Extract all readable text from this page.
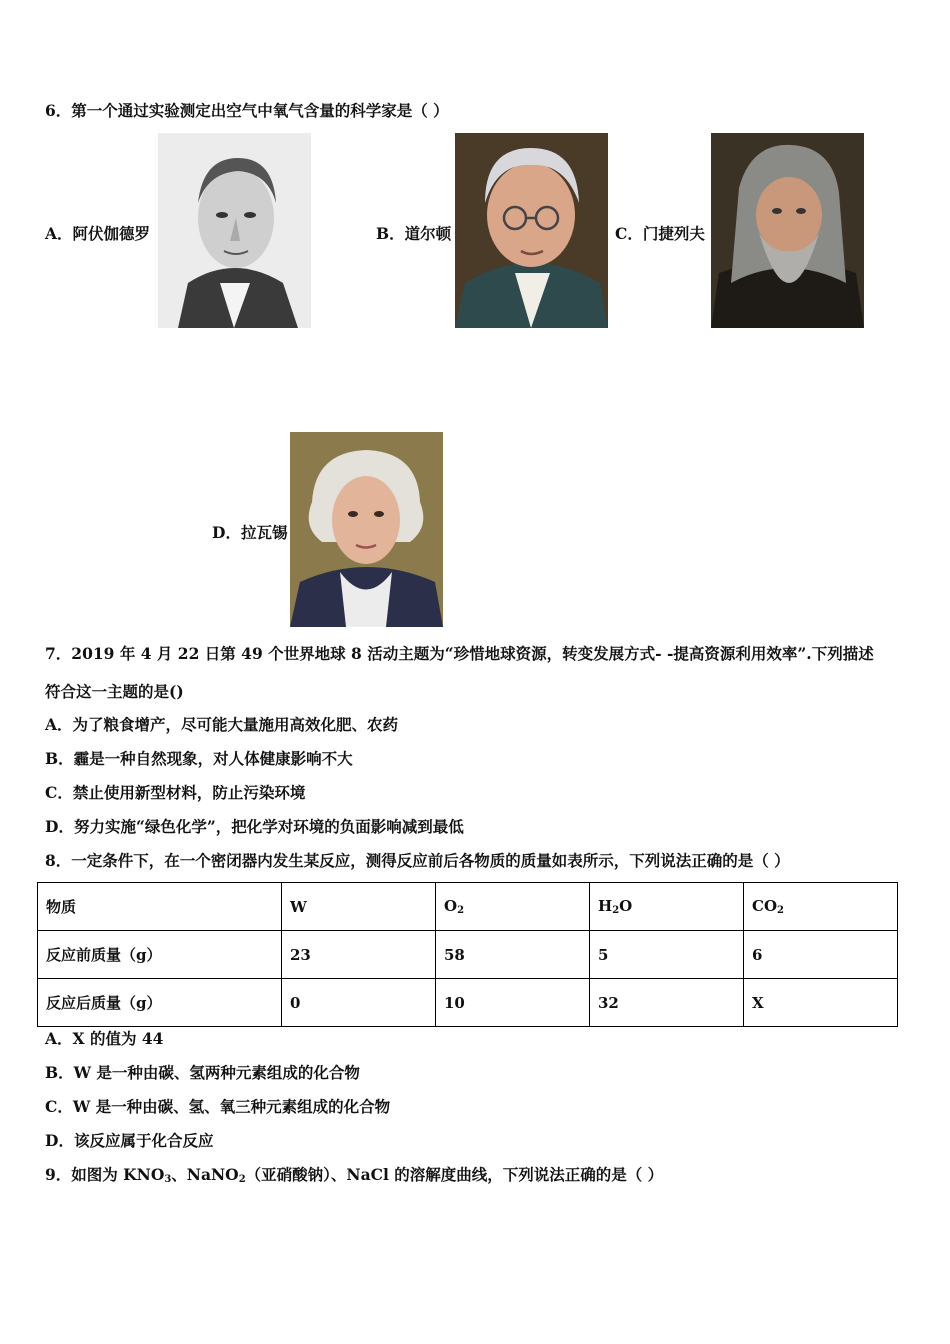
6．第一个通过实验测定出空气中氧气含量的科学家是（ ）
A．阿伏伽德罗	B．道尔顿	C．门捷列夫
D．拉瓦锡
7．2019 年 4 月 22 日第 49 个世界地球 8 活动主题为“珍惜地球资源，转变发展方式- -提高资源利用效率”.下列描述
符合这一主题的是()
A．为了粮食增产，尽可能大量施用高效化肥、农药
B．霾是一种自然现象，对人体健康影响不大
C．禁止使用新型材料，防止污染环境
D．努力实施“绿色化学”，把化学对环境的负面影响减到最低
8．一定条件下，在一个密闭器内发生某反应，测得反应前后各物质的质量如表所示，下列说法正确的是（ ）
物质	W	$O_2$	$H_2O$	$CO_2$
反应前质量（g）	23	58	5	6
反应后质量（g）	0	10	32	X
A．X 的值为 44
B．W 是一种由碳、氢两种元素组成的化合物
C．W 是一种由碳、氢、氧三种元素组成的化合物
D．该反应属于化合反应
9．如图为 $KNO_3$、NaNO$_2$（亚硝酸钠）、NaCl 的溶解度曲线，下列说法正确的是（ ）
